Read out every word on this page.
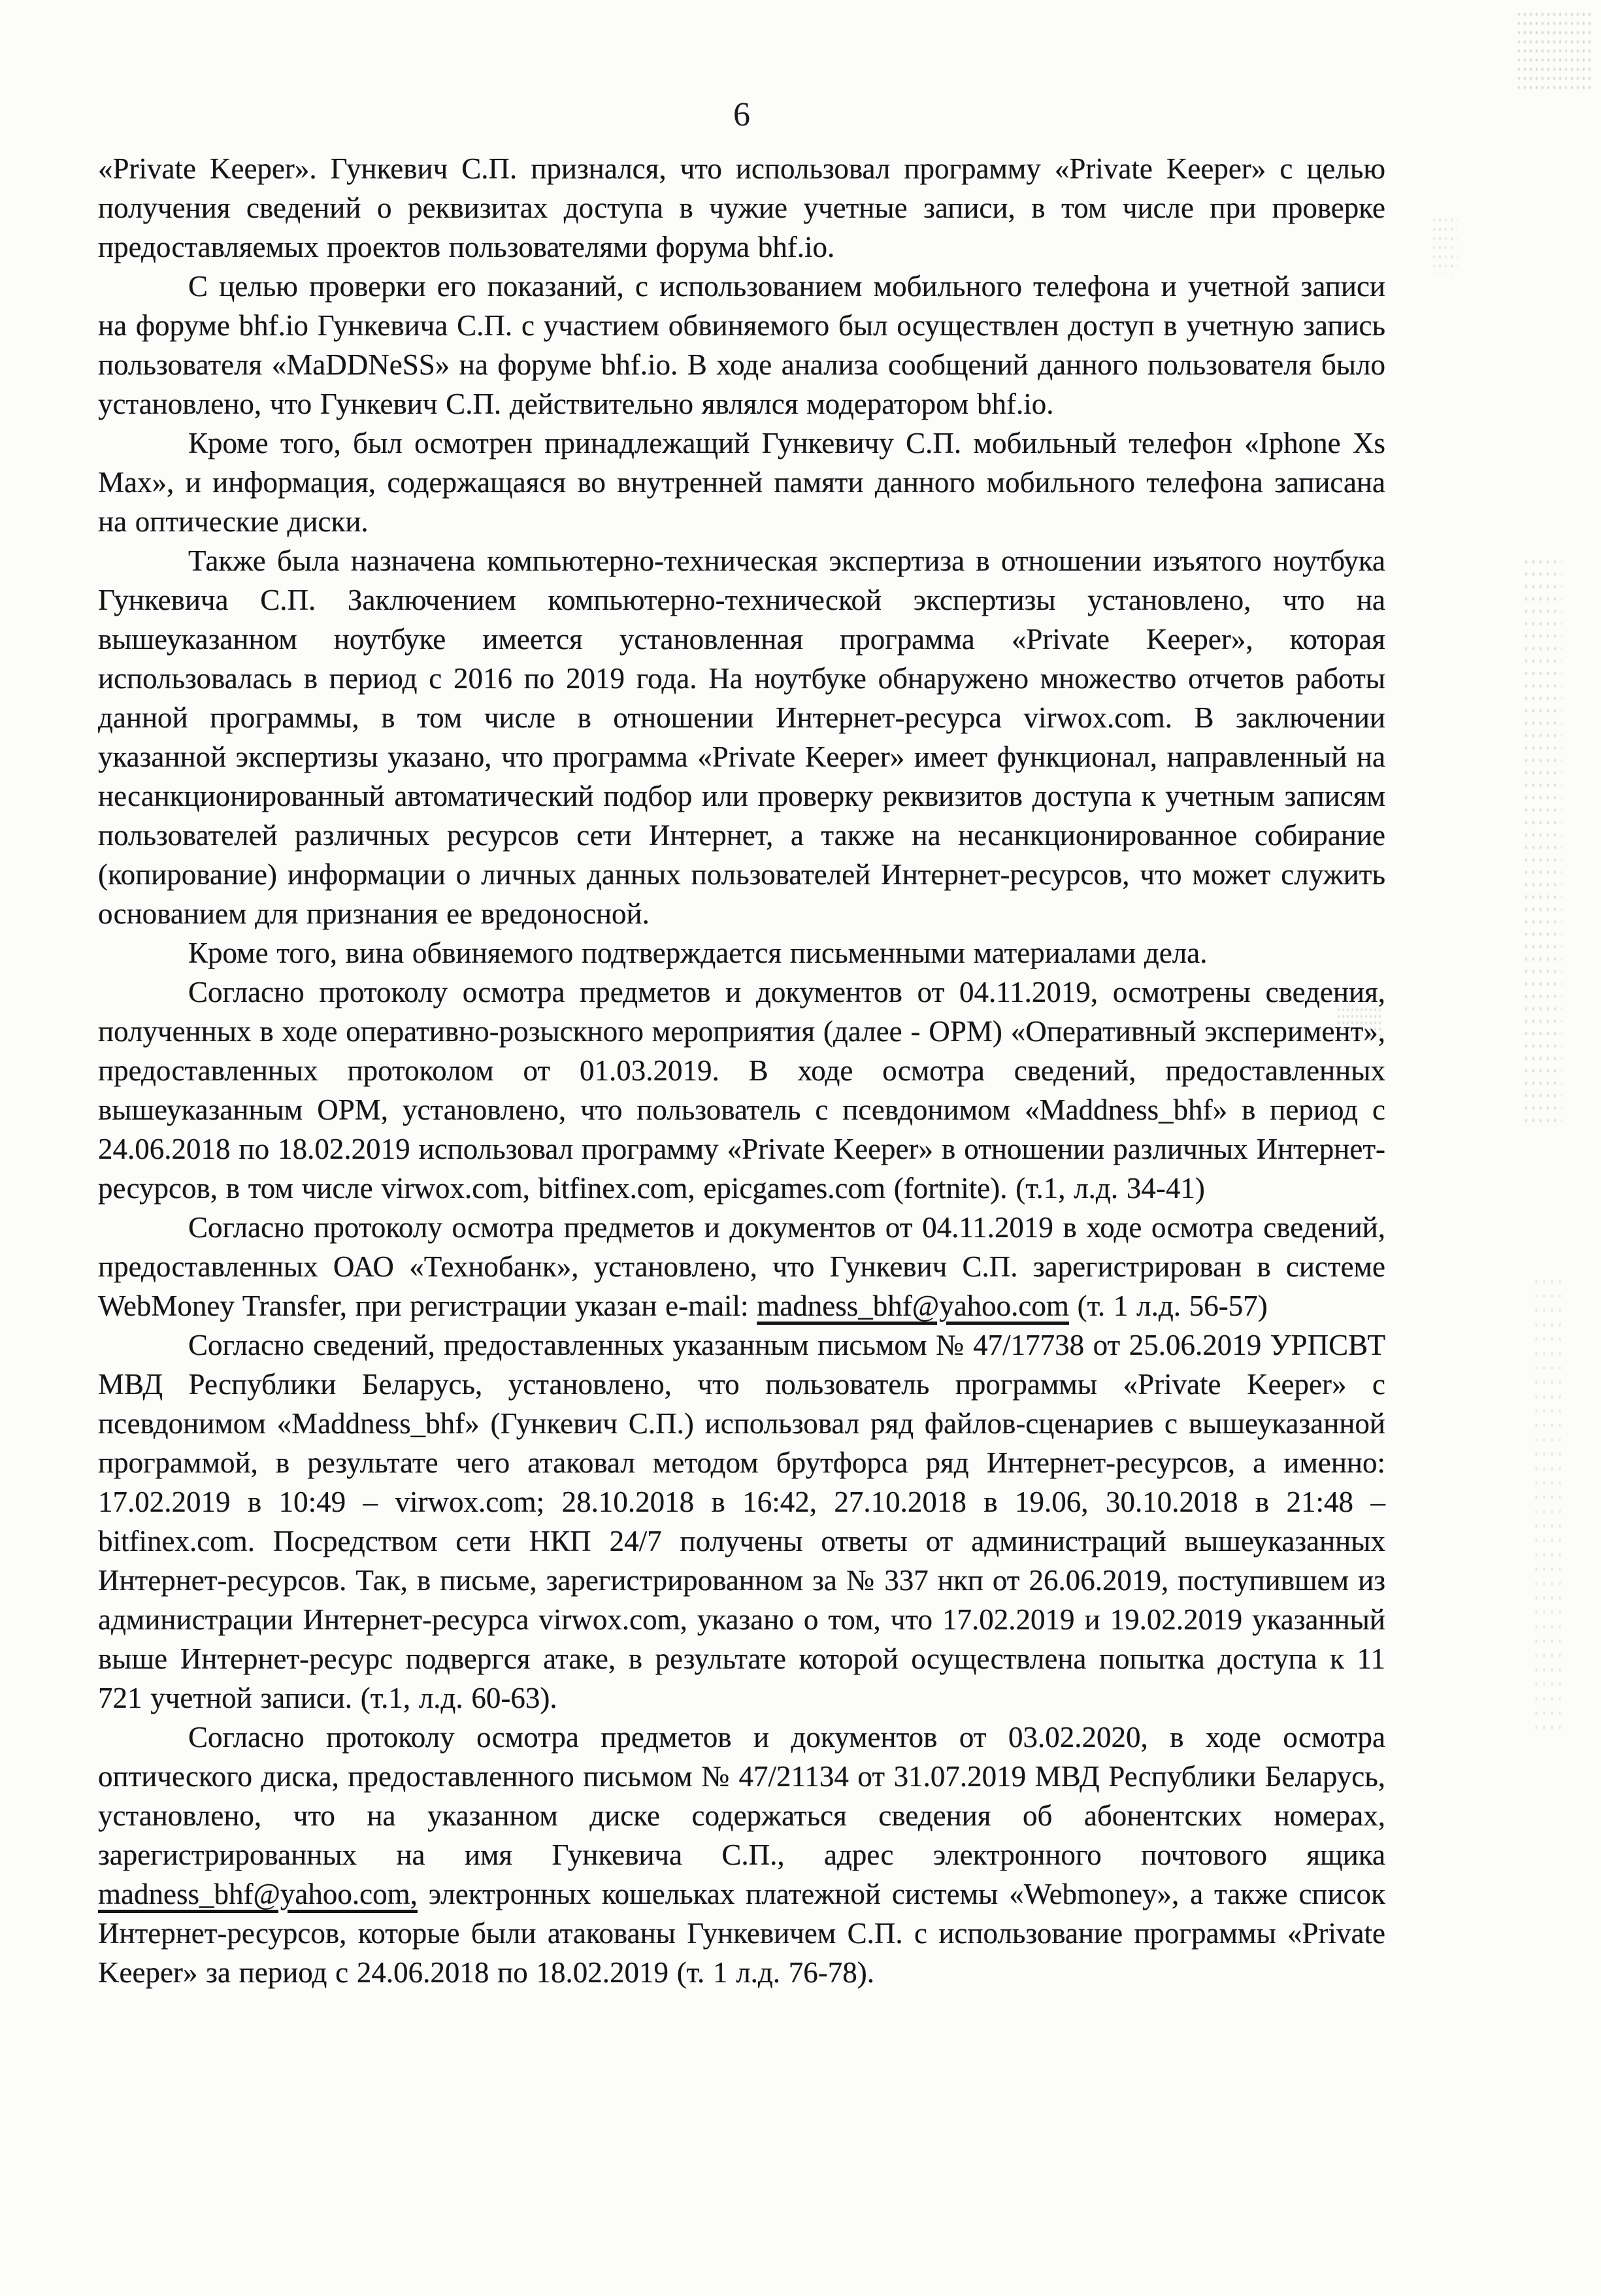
6

«Private Keeper». Гункевич С.П. признался, что использовал программу «Private Keeper» с целью получения сведений о реквизитах доступа в чужие учетные записи, в том числе при проверке предоставляемых проектов пользователями форума bhf.io.

С целью проверки его показаний, с использованием мобильного телефона и учетной записи на форуме bhf.io Гункевича С.П. с участием обвиняемого был осуществлен доступ в учетную запись пользователя «MaDDNeSS» на форуме bhf.io. В ходе анализа сообщений данного пользователя было установлено, что Гункевич С.П. действительно являлся модератором bhf.io.

Кроме того, был осмотрен принадлежащий Гункевичу С.П. мобильный телефон «Iphone Xs Max», и информация, содержащаяся во внутренней памяти данного мобильного телефона записана на оптические диски.

Также была назначена компьютерно-техническая экспертиза в отношении изъятого ноутбука Гункевича С.П. Заключением компьютерно-технической экспертизы установлено, что на вышеуказанном ноутбуке имеется установленная программа «Private Keeper», которая использовалась в период с 2016 по 2019 года. На ноутбуке обнаружено множество отчетов работы данной программы, в том числе в отношении Интернет-ресурса virwox.com. В заключении указанной экспертизы указано, что программа «Private Keeper» имеет функционал, направленный на несанкционированный автоматический подбор или проверку реквизитов доступа к учетным записям пользователей различных ресурсов сети Интернет, а также на несанкционированное собирание (копирование) информации о личных данных пользователей Интернет-ресурсов, что может служить основанием для признания ее вредоносной.

Кроме того, вина обвиняемого подтверждается письменными материалами дела.

Согласно протоколу осмотра предметов и документов от 04.11.2019, осмотрены сведения, полученных в ходе оперативно-розыскного мероприятия (далее - ОРМ) «Оперативный эксперимент», предоставленных протоколом от 01.03.2019. В ходе осмотра сведений, предоставленных вышеуказанным ОРМ, установлено, что пользователь с псевдонимом «Maddness_bhf» в период с 24.06.2018 по 18.02.2019 использовал программу «Private Keeper» в отношении различных Интернет-ресурсов, в том числе virwox.com, bitfinex.com, epicgames.com (fortnite). (т.1, л.д. 34-41)

Согласно протоколу осмотра предметов и документов от 04.11.2019 в ходе осмотра сведений, предоставленных ОАО «Технобанк», установлено, что Гункевич С.П. зарегистрирован в системе WebMoney Transfer, при регистрации указан e-mail: madness_bhf@yahoo.com (т. 1 л.д. 56-57)

Согласно сведений, предоставленных указанным письмом № 47/17738 от 25.06.2019 УРПСВТ МВД Республики Беларусь, установлено, что пользователь программы «Private Keeper» с псевдонимом «Maddness_bhf» (Гункевич С.П.) использовал ряд файлов-сценариев с вышеуказанной программой, в результате чего атаковал методом брутфорса ряд Интернет-ресурсов, а именно: 17.02.2019 в 10:49 – virwox.com; 28.10.2018 в 16:42, 27.10.2018 в 19.06, 30.10.2018 в 21:48 – bitfinex.com. Посредством сети НКП 24/7 получены ответы от администраций вышеуказанных Интернет-ресурсов. Так, в письме, зарегистрированном за № 337 нкп от 26.06.2019, поступившем из администрации Интернет-ресурса virwox.com, указано о том, что 17.02.2019 и 19.02.2019 указанный выше Интернет-ресурс подвергся атаке, в результате которой осуществлена попытка доступа к 11 721 учетной записи. (т.1, л.д. 60-63).

Согласно протоколу осмотра предметов и документов от 03.02.2020, в ходе осмотра оптического диска, предоставленного письмом № 47/21134 от 31.07.2019 МВД Республики Беларусь, установлено, что на указанном диске содержаться сведения об абонентских номерах, зарегистрированных на имя Гункевича С.П., адрес электронного почтового ящика madness_bhf@yahoo.com, электронных кошельках платежной системы «Webmoney», а также список Интернет-ресурсов, которые были атакованы Гункевичем С.П. с использование программы «Private Keeper» за период с 24.06.2018 по 18.02.2019 (т. 1 л.д. 76-78).
